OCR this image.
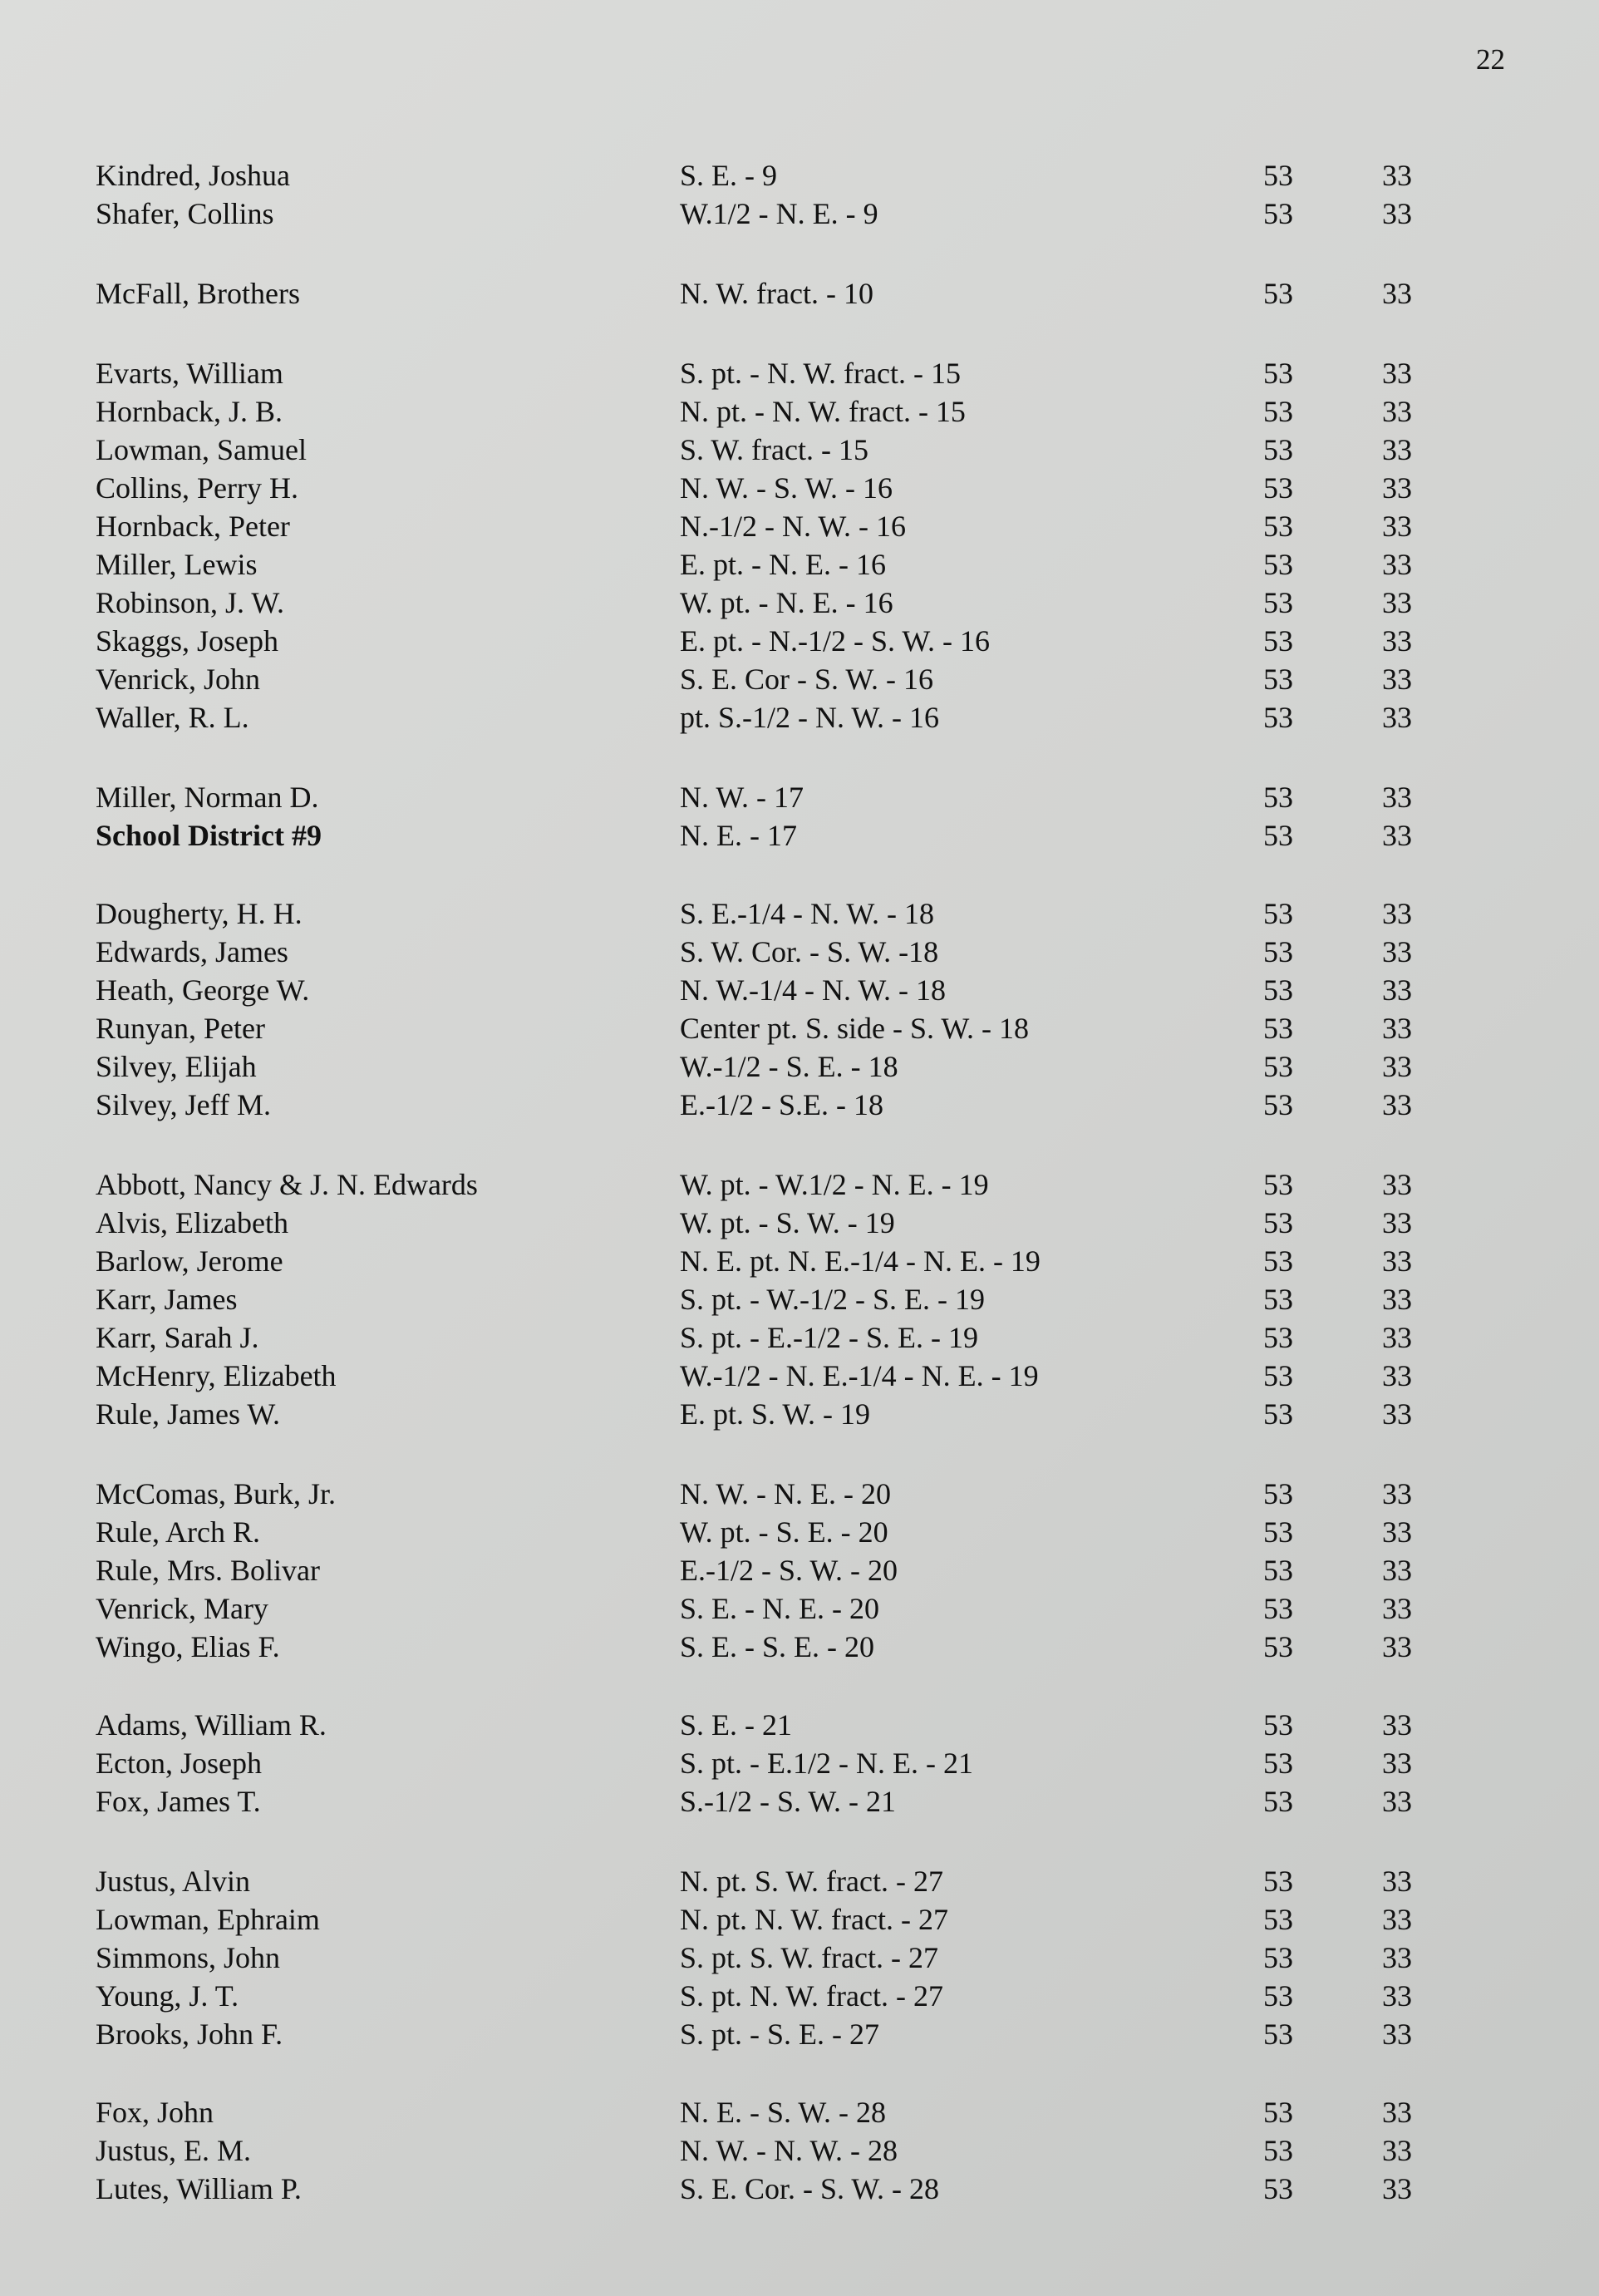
22
Kindred, Joshua	S. E. - 9	53	33
Shafer, Collins	W.1/2 - N. E. - 9	53	33
McFall, Brothers	N. W. fract. - 10	53	33
Evarts, William	S. pt. - N. W. fract. - 15	53	33
Hornback, J. B.	N. pt. - N. W. fract. - 15	53	33
Lowman, Samuel	S. W. fract. - 15	53	33
Collins, Perry H.	N. W. - S. W. - 16	53	33
Hornback, Peter	N.-1/2 - N. W. - 16	53	33
Miller, Lewis	E. pt. - N. E. - 16	53	33
Robinson, J. W.	W. pt. - N. E. - 16	53	33
Skaggs, Joseph	E. pt. - N.-1/2 - S. W. - 16	53	33
Venrick, John	S. E. Cor - S. W. - 16	53	33
Waller, R. L.	pt. S.-1/2 - N. W. - 16	53	33
Miller, Norman D.	N. W. - 17	53	33
School District #9	N. E. - 17	53	33
Dougherty, H. H.	S. E.-1/4 - N. W. - 18	53	33
Edwards, James	S. W. Cor. - S. W. -18	53	33
Heath, George W.	N. W.-1/4 - N. W. - 18	53	33
Runyan, Peter	Center pt. S. side - S. W. - 18	53	33
Silvey, Elijah	W.-1/2 - S. E. - 18	53	33
Silvey, Jeff M.	E.-1/2 - S.E. - 18	53	33
Abbott, Nancy & J. N. Edwards	W. pt. - W.1/2 - N. E. - 19	53	33
Alvis, Elizabeth	W. pt. - S. W. - 19	53	33
Barlow, Jerome	N. E. pt. N. E.-1/4 - N. E. - 19	53	33
Karr, James	S. pt. - W.-1/2 - S. E. - 19	53	33
Karr, Sarah J.	S. pt. - E.-1/2 - S. E. - 19	53	33
McHenry, Elizabeth	W.-1/2 - N. E.-1/4 - N. E. - 19	53	33
Rule, James W.	E. pt. S. W. - 19	53	33
McComas, Burk, Jr.	N. W. - N. E. - 20	53	33
Rule, Arch R.	W. pt. - S. E. - 20	53	33
Rule, Mrs. Bolivar	E.-1/2 - S. W. - 20	53	33
Venrick, Mary	S. E. - N. E. - 20	53	33
Wingo, Elias F.	S. E. - S. E. - 20	53	33
Adams, William R.	S. E. - 21	53	33
Ecton, Joseph	S. pt. - E.1/2 - N. E. - 21	53	33
Fox, James T.	S.-1/2 - S. W. - 21	53	33
Justus, Alvin	N. pt. S. W. fract. - 27	53	33
Lowman, Ephraim	N. pt. N. W. fract. - 27	53	33
Simmons, John	S. pt. S. W. fract. - 27	53	33
Young, J. T.	S. pt. N. W. fract. - 27	53	33
Brooks, John F.	S. pt. - S. E. - 27	53	33
Fox, John	N. E. - S. W. - 28	53	33
Justus, E. M.	N. W. - N. W. - 28	53	33
Lutes, William P.	S. E. Cor. - S. W. - 28	53	33
